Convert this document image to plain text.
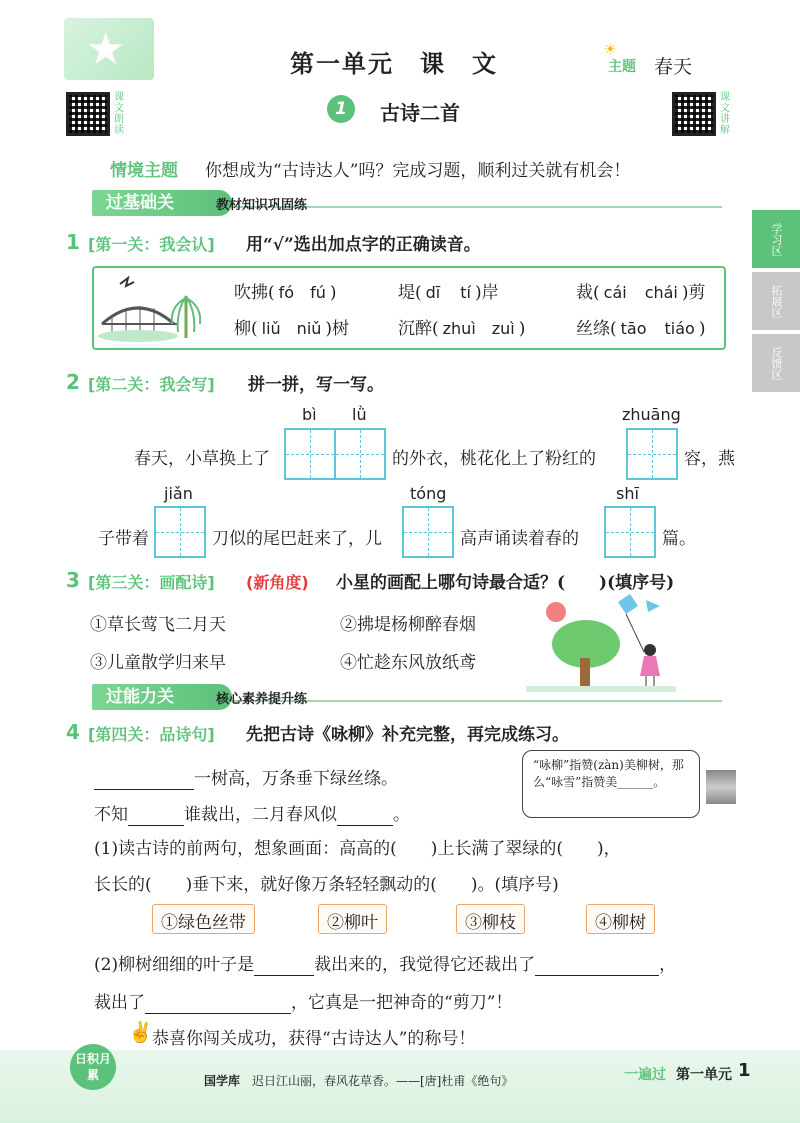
★	第一单元　课　文	☀
主题 春天
课文朗读
课文讲解
1	古诗二首
情境主题 你想成为“古诗达人”吗？完成习题，顺利过关就有机会！
过基础关	教材知识巩固练
学习区
拓展区
反馈区
1 [第一关：我会认] 用“√”选出加点字的正确读音。
吹拂( fó fú )	堤( dī tí )岸	裁( cái chái )剪
柳( liǔ niǔ )树	沉醉( zhuì zuì )	丝绦( tāo tiáo )
2 [第二关：我会写] 拼一拼，写一写。
bì lǜ	zhuāng
春天，小草换上了	的外衣，桃花化上了粉红的	容，燕
jiǎn	tóng	shī
子带着	刀似的尾巴赶来了，儿	高声诵读着春的	篇。
3 [第三关：画配诗] (新角度) 小星的画配上哪句诗最合适？(　　)(填序号)
①草长莺飞二月天	②拂堤杨柳醉春烟
③儿童散学归来早	④忙趁东风放纸鸢
过能力关	核心素养提升练
4 [第四关：品诗句] 先把古诗《咏柳》补充完整，再完成练习。
一树高，万条垂下绿丝绦。
不知	谁裁出，二月春风似	。
“咏柳”指赞(zàn)美柳树，那么“咏雪”指赞美______。
(1)读古诗的前两句，想象画面：高高的(　　)上长满了翠绿的(　　)，
长长的(　　)垂下来，就好像万条轻轻飘动的(　　)。(填序号)
①绿色丝带	②柳叶	③柳枝	④柳树
(2)柳树细细的叶子是	裁出来的，我觉得它还裁出了	，
裁出了	，它真是一把神奇的“剪刀”！
✌ 恭喜你闯关成功，获得“古诗达人”的称号！
日积月累	国学库 迟日江山丽，春风花草香。——[唐]杜甫《绝句》	一遍过 第一单元 1
